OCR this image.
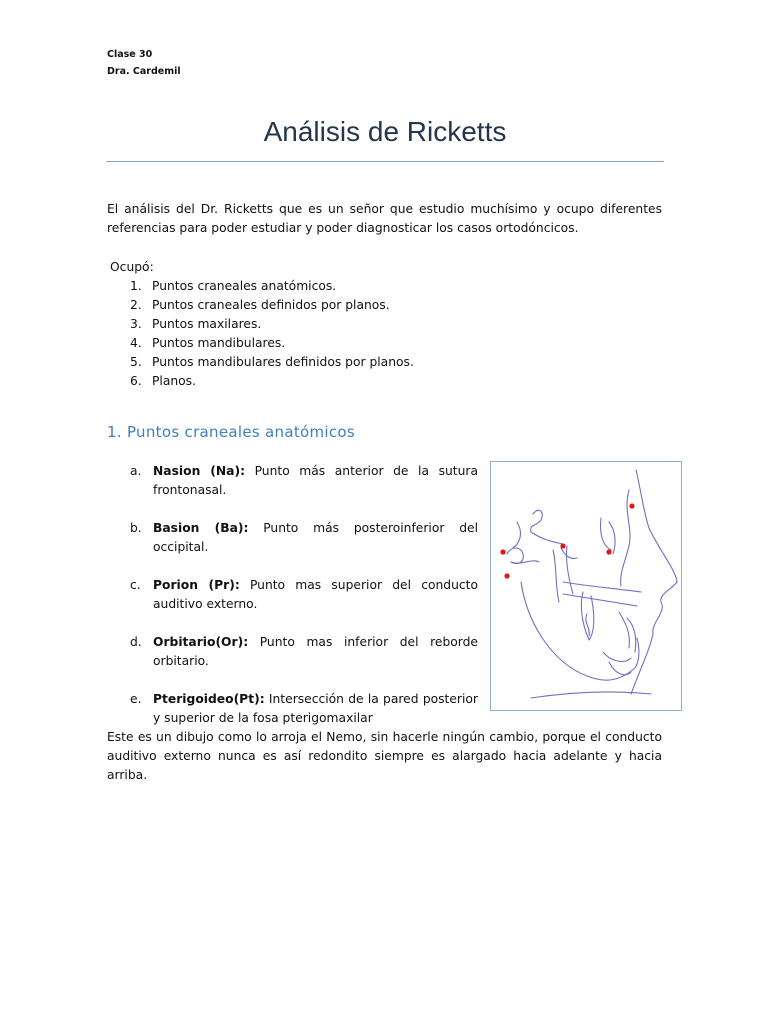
Clase 30
Dra. Cardemil
Análisis de Ricketts
El análisis del Dr. Ricketts que es un señor que estudio muchísimo y ocupo diferentes referencias para poder estudiar y poder diagnosticar los casos ortodóncicos.
Ocupó:
1. Puntos craneales anatómicos.
2. Puntos craneales definidos por planos.
3. Puntos maxilares.
4. Puntos mandibulares.
5. Puntos mandibulares definidos por planos.
6. Planos.
1. Puntos craneales anatómicos
a. Nasion (Na): Punto más anterior de la sutura frontonasal.
b. Basion (Ba): Punto más posteroinferior del occipital.
c.	Porion (Pr): Punto mas superior del conducto auditivo externo.
d. Orbitario(Or): Punto mas inferior del reborde orbitario.
e. Pterigoideo(Pt): Intersección de la pared posterior y superior de la fosa pterigomaxilar
Este es un dibujo como lo arroja el Nemo, sin hacerle ningún cambio, porque el conducto auditivo externo nunca es así redondito siempre es alargado hacia adelante y hacia arriba.
